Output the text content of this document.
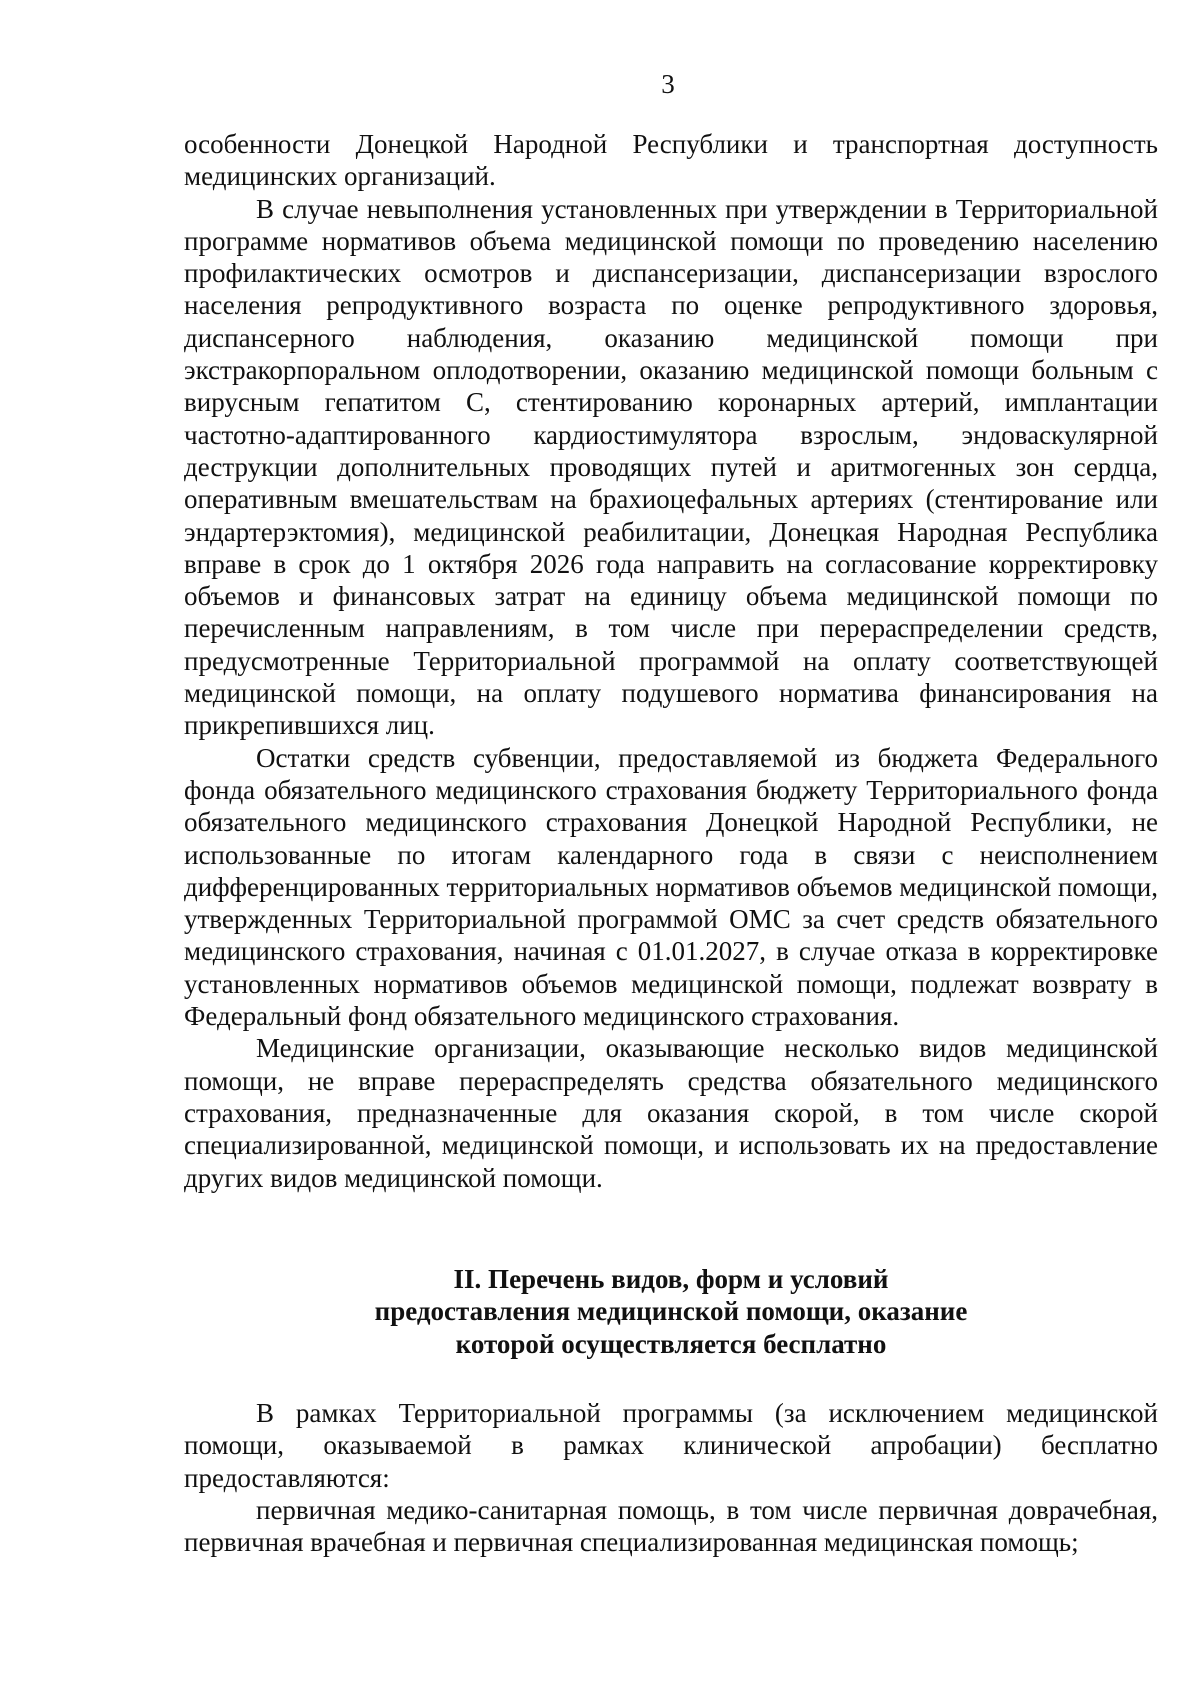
3

особенности Донецкой Народной Республики и транспортная доступность медицинских организаций.

В случае невыполнения установленных при утверждении в Территориальной программе нормативов объема медицинской помощи по проведению населению профилактических осмотров и диспансеризации, диспансеризации взрослого населения репродуктивного возраста по оценке репродуктивного здоровья, диспансерного наблюдения, оказанию медицинской помощи при экстракорпоральном оплодотворении, оказанию медицинской помощи больным с вирусным гепатитом С, стентированию коронарных артерий, имплантации частотно-адаптированного кардиостимулятора взрослым, эндоваскулярной деструкции дополнительных проводящих путей и аритмогенных зон сердца, оперативным вмешательствам на брахиоцефальных артериях (стентирование или эндартерэктомия), медицинской реабилитации, Донецкая Народная Республика вправе в срок до 1 октября 2026 года направить на согласование корректировку объемов и финансовых затрат на единицу объема медицинской помощи по перечисленным направлениям, в том числе при перераспределении средств, предусмотренные Территориальной программой на оплату соответствующей медицинской помощи, на оплату подушевого норматива финансирования на прикрепившихся лиц.

Остатки средств субвенции, предоставляемой из бюджета Федерального фонда обязательного медицинского страхования бюджету Территориального фонда обязательного медицинского страхования Донецкой Народной Республики, не использованные по итогам календарного года в связи с неисполнением дифференцированных территориальных нормативов объемов медицинской помощи, утвержденных Территориальной программой ОМС за счет средств обязательного медицинского страхования, начиная с 01.01.2027, в случае отказа в корректировке установленных нормативов объемов медицинской помощи, подлежат возврату в Федеральный фонд обязательного медицинского страхования.

Медицинские организации, оказывающие несколько видов медицинской помощи, не вправе перераспределять средства обязательного медицинского страхования, предназначенные для оказания скорой, в том числе скорой специализированной, медицинской помощи, и использовать их на предоставление других видов медицинской помощи.

II. Перечень видов, форм и условий
предоставления медицинской помощи, оказание
которой осуществляется бесплатно

В рамках Территориальной программы (за исключением медицинской помощи, оказываемой в рамках клинической апробации) бесплатно предоставляются:

первичная медико-санитарная помощь, в том числе первичная доврачебная, первичная врачебная и первичная специализированная медицинская помощь;
